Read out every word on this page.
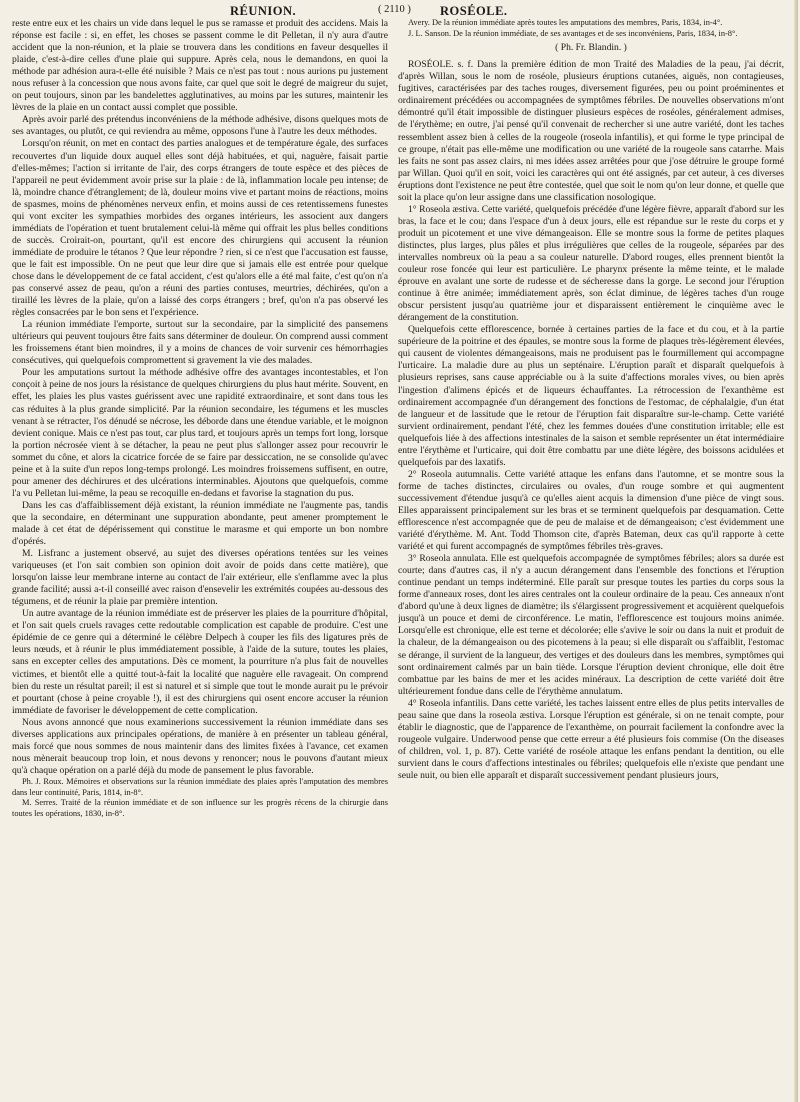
RÉUNION.	( 2110 ) ROSÉOLE.

reste entre eux et les chairs un vide dans lequel le pus se ramasse et produit des accidens. Mais la réponse est facile : si, en effet, les choses se passent comme le dit Pelletan, il n'y aura d'autre accident que la non-réunion, et la plaie se trouvera dans les conditions en faveur desquelles il plaide, c'est-à-dire celles d'une plaie qui suppure. Après cela, nous le demandons, en quoi la méthode par adhésion aura-t-elle été nuisible ? Mais ce n'est pas tout : nous aurions pu justement nous refuser à la concession que nous avons faite, car quel que soit le degré de maigreur du sujet, on peut toujours, sinon par les bandelettes agglutinatives, au moins par les sutures, maintenir les lèvres de la plaie en un contact aussi complet que possible.

Après avoir parlé des prétendus inconvéniens de la méthode adhésive, disons quelques mots de ses avantages, ou plutôt, ce qui reviendra au même, opposons l'une à l'autre les deux méthodes.

Lorsqu'on réunit, on met en contact des parties analogues et de température égale, des surfaces recouvertes d'un liquide doux auquel elles sont déjà habituées, et qui, naguère, faisait partie d'elles-mêmes; l'action si irritante de l'air, des corps étrangers de toute espèce et des pièces de l'appareil ne peut évidemment avoir prise sur la plaie : de là, inflammation locale peu intense; de là, moindre chance d'étranglement; de là, douleur moins vive et partant moins de réactions, moins de spasmes, moins de phénomènes nerveux enfin, et moins aussi de ces retentissemens funestes qui vont exciter les sympathies morbides des organes intérieurs, les associent aux dangers immédiats de l'opération et tuent brutalement celui-là même qui offrait les plus belles conditions de succès. Croirait-on, pourtant, qu'il est encore des chirurgiens qui accusent la réunion immédiate de produire le tétanos ? Que leur répondre ? rien, si ce n'est que l'accusation est fausse, que le fait est impossible. On ne peut que leur dire que si jamais elle est entrée pour quelque chose dans le développement de ce fatal accident, c'est qu'alors elle a été mal faite, c'est qu'on n'a pas conservé assez de peau, qu'on a réuni des parties contuses, meurtries, déchirées, qu'on a tiraillé les lèvres de la plaie, qu'on a laissé des corps étrangers ; bref, qu'on n'a pas observé les règles consacrées par le bon sens et l'expérience.

La réunion immédiate l'emporte, surtout sur la secondaire, par la simplicité des pansemens ultérieurs qui peuvent toujours être faits sans déterminer de douleur. On comprend aussi comment les froissemens étant bien moindres, il y a moins de chances de voir survenir ces hémorrhagies consécutives, qui quelquefois compromettent si gravement la vie des malades.

Pour les amputations surtout la méthode adhésive offre des avantages incontestables, et l'on conçoit à peine de nos jours la résistance de quelques chirurgiens du plus haut mérite. Souvent, en effet, les plaies les plus vastes guérissent avec une rapidité extraordinaire, et sont dans tous les cas réduites à la plus grande simplicité. Par la réunion secondaire, les tégumens et les muscles venant à se rétracter, l'os dénudé se nécrose, les déborde dans une étendue variable, et le moignon devient conique. Mais ce n'est pas tout, car plus tard, et toujours après un temps fort long, lorsque la portion nécrosée vient à se détacher, la peau ne peut plus s'allonger assez pour recouvrir le sommet du cône, et alors la cicatrice forcée de se faire par dessiccation, ne se consolide qu'avec peine et à la suite d'un repos long-temps prolongé. Les moindres froissemens suffisent, en outre, pour amener des déchirures et des ulcérations interminables. Ajoutons que quelquefois, comme l'a vu Pelletan lui-même, la peau se recoquille en-dedans et favorise la stagnation du pus.

Dans les cas d'affaiblissement déjà existant, la réunion immédiate ne l'augmente pas, tandis que la secondaire, en déterminant une suppuration abondante, peut amener promptement le malade à cet état de dépérissement qui constitue le marasme et qui emporte un bon nombre d'opérés.

M. Lisfranc a justement observé, au sujet des diverses opérations tentées sur les veines variqueuses (et l'on sait combien son opinion doit avoir de poids dans cette matière), que lorsqu'on laisse leur membrane interne au contact de l'air extérieur, elle s'enflamme avec la plus grande facilité; aussi a-t-il conseillé avec raison d'ensevelir les extrémités coupées au-dessous des tégumens, et de réunir la plaie par première intention.

Un autre avantage de la réunion immédiate est de préserver les plaies de la pourriture d'hôpital, et l'on sait quels cruels ravages cette redoutable complication est capable de produire. C'est une épidémie de ce genre qui a déterminé le célèbre Delpech à couper les fils des ligatures près de leurs nœuds, et à réunir le plus immédiatement possible, à l'aide de la suture, toutes les plaies, sans en excepter celles des amputations. Dès ce moment, la pourriture n'a plus fait de nouvelles victimes, et bientôt elle a quitté tout-à-fait la localité que naguère elle ravageait. On comprend bien du reste un résultat pareil; il est si naturel et si simple que tout le monde aurait pu le prévoir et pourtant (chose à peine croyable !), il est des chirurgiens qui osent encore accuser la réunion immédiate de favoriser le développement de cette complication.

Nous avons annoncé que nous examinerions successivement la réunion immédiate dans ses diverses applications aux principales opérations, de manière à en présenter un tableau général, mais forcé que nous sommes de nous maintenir dans des limites fixées à l'avance, cet examen nous mènerait beaucoup trop loin, et nous devons y renoncer; nous le pouvons d'autant mieux qu'à chaque opération on a parlé déjà du mode de pansement le plus favorable.

Ph. J. Roux. Mémoires et observations sur la réunion immédiate des plaies après l'amputation des membres dans leur continuité, Paris, 1814, in-8°.

M. Serres. Traité de la réunion immédiate et de son influence sur les progrès récens de la chirurgie dans toutes les opérations, 1830, in-8°.

Avery. De la réunion immédiate après toutes les amputations des membres, Paris, 1834, in-4°.

J. L. Sanson. De la réunion immédiate, de ses avantages et de ses inconvéniens, Paris, 1834, in-8°.

( Ph. Fr. Blandin. )

ROSÉOLE. s. f. Dans la première édition de mon Traité des Maladies de la peau, j'ai décrit, d'après Willan, sous le nom de roséole, plusieurs éruptions cutanées, aiguës, non contagieuses, fugitives, caractérisées par des taches rouges, diversement figurées, peu ou point proéminentes et ordinairement précédées ou accompagnées de symptômes fébriles. De nouvelles observations m'ont démontré qu'il était impossible de distinguer plusieurs espèces de roséoles, généralement admises, de l'érythème; en outre, j'ai pensé qu'il convenait de rechercher si une autre variété, dont les taches ressemblent assez bien à celles de la rougeole (roseola infantilis), et qui forme le type principal de ce groupe, n'était pas elle-même une modification ou une variété de la rougeole sans catarrhe. Mais les faits ne sont pas assez clairs, ni mes idées assez arrêtées pour que j'ose détruire le groupe formé par Willan. Quoi qu'il en soit, voici les caractères qui ont été assignés, par cet auteur, à ces diverses éruptions dont l'existence ne peut être contestée, quel que soit le nom qu'on leur donne, et quelle que soit la place qu'on leur assigne dans une classification nosologique.

1° Roseola æstiva. Cette variété, quelquefois précédée d'une légère fièvre, apparaît d'abord sur les bras, la face et le cou; dans l'espace d'un à deux jours, elle est répandue sur le reste du corps et y produit un picotement et une vive démangeaison. Elle se montre sous la forme de petites plaques distinctes, plus larges, plus pâles et plus irrégulières que celles de la rougeole, séparées par des intervalles nombreux où la peau a sa couleur naturelle. D'abord rouges, elles prennent bientôt la couleur rose foncée qui leur est particulière. Le pharynx présente la même teinte, et le malade éprouve en avalant une sorte de rudesse et de sécheresse dans la gorge. Le second jour l'éruption continue à être animée; immédiatement après, son éclat diminue, de légères taches d'un rouge obscur persistent jusqu'au quatrième jour et disparaissent entièrement le cinquième avec le dérangement de la constitution.

Quelquefois cette efflorescence, bornée à certaines parties de la face et du cou, et à la partie supérieure de la poitrine et des épaules, se montre sous la forme de plaques très-légèrement élevées, qui causent de violentes démangeaisons, mais ne produisent pas le fourmillement qui accompagne l'urticaire. La maladie dure au plus un septénaire. L'éruption paraît et disparaît quelquefois à plusieurs reprises, sans cause appréciable ou à la suite d'affections morales vives, ou bien après l'ingestion d'alimens épicés et de liqueurs échauffantes. La rétrocession de l'exanthème est ordinairement accompagnée d'un dérangement des fonctions de l'estomac, de céphalalgie, d'un état de langueur et de lassitude que le retour de l'éruption fait disparaître sur-le-champ. Cette variété survient ordinairement, pendant l'été, chez les femmes douées d'une constitution irritable; elle est quelquefois liée à des affections intestinales de la saison et semble représenter un état intermédiaire entre l'érythème et l'urticaire, qui doit être combattu par une diète légère, des boissons acidulées et quelquefois par des laxatifs.

2° Roseola autumnalis. Cette variété attaque les enfans dans l'automne, et se montre sous la forme de taches distinctes, circulaires ou ovales, d'un rouge sombre et qui augmentent successivement d'étendue jusqu'à ce qu'elles aient acquis la dimension d'une pièce de vingt sous. Elles apparaissent principalement sur les bras et se terminent quelquefois par desquamation. Cette efflorescence n'est accompagnée que de peu de malaise et de démangeaison; c'est évidemment une variété d'érythème. M. Ant. Todd Thomson cite, d'après Bateman, deux cas qu'il rapporte à cette variété et qui furent accompagnés de symptômes fébriles très-graves.

3° Roseola annulata. Elle est quelquefois accompagnée de symptômes fébriles; alors sa durée est courte; dans d'autres cas, il n'y a aucun dérangement dans l'ensemble des fonctions et l'éruption continue pendant un temps indéterminé. Elle paraît sur presque toutes les parties du corps sous la forme d'anneaux roses, dont les aires centrales ont la couleur ordinaire de la peau. Ces anneaux n'ont d'abord qu'une à deux lignes de diamètre; ils s'élargissent progressivement et acquièrent quelquefois jusqu'à un pouce et demi de circonférence. Le matin, l'efflorescence est toujours moins animée. Lorsqu'elle est chronique, elle est terne et décolorée; elle s'avive le soir ou dans la nuit et produit de la chaleur, de la démangeaison ou des picotemens à la peau; si elle disparaît ou s'affaiblit, l'estomac se dérange, il survient de la langueur, des vertiges et des douleurs dans les membres, symptômes qui sont ordinairement calmés par un bain tiède. Lorsque l'éruption devient chronique, elle doit être combattue par les bains de mer et les acides minéraux. La description de cette variété doit être ultérieurement fondue dans celle de l'érythème annulatum.

4° Roseola infantilis. Dans cette variété, les taches laissent entre elles de plus petits intervalles de peau saine que dans la roseola æstiva. Lorsque l'éruption est générale, si on ne tenait compte, pour établir le diagnostic, que de l'apparence de l'exanthème, on pourrait facilement la confondre avec la rougeole vulgaire. Underwood pense que cette erreur a été plusieurs fois commise (On the diseases of children, vol. 1, p. 87). Cette variété de roséole attaque les enfans pendant la dentition, ou elle survient dans le cours d'affections intestinales ou fébriles; quelquefois elle n'existe que pendant une seule nuit, ou bien elle apparaît et disparaît successivement pendant plusieurs jours,
